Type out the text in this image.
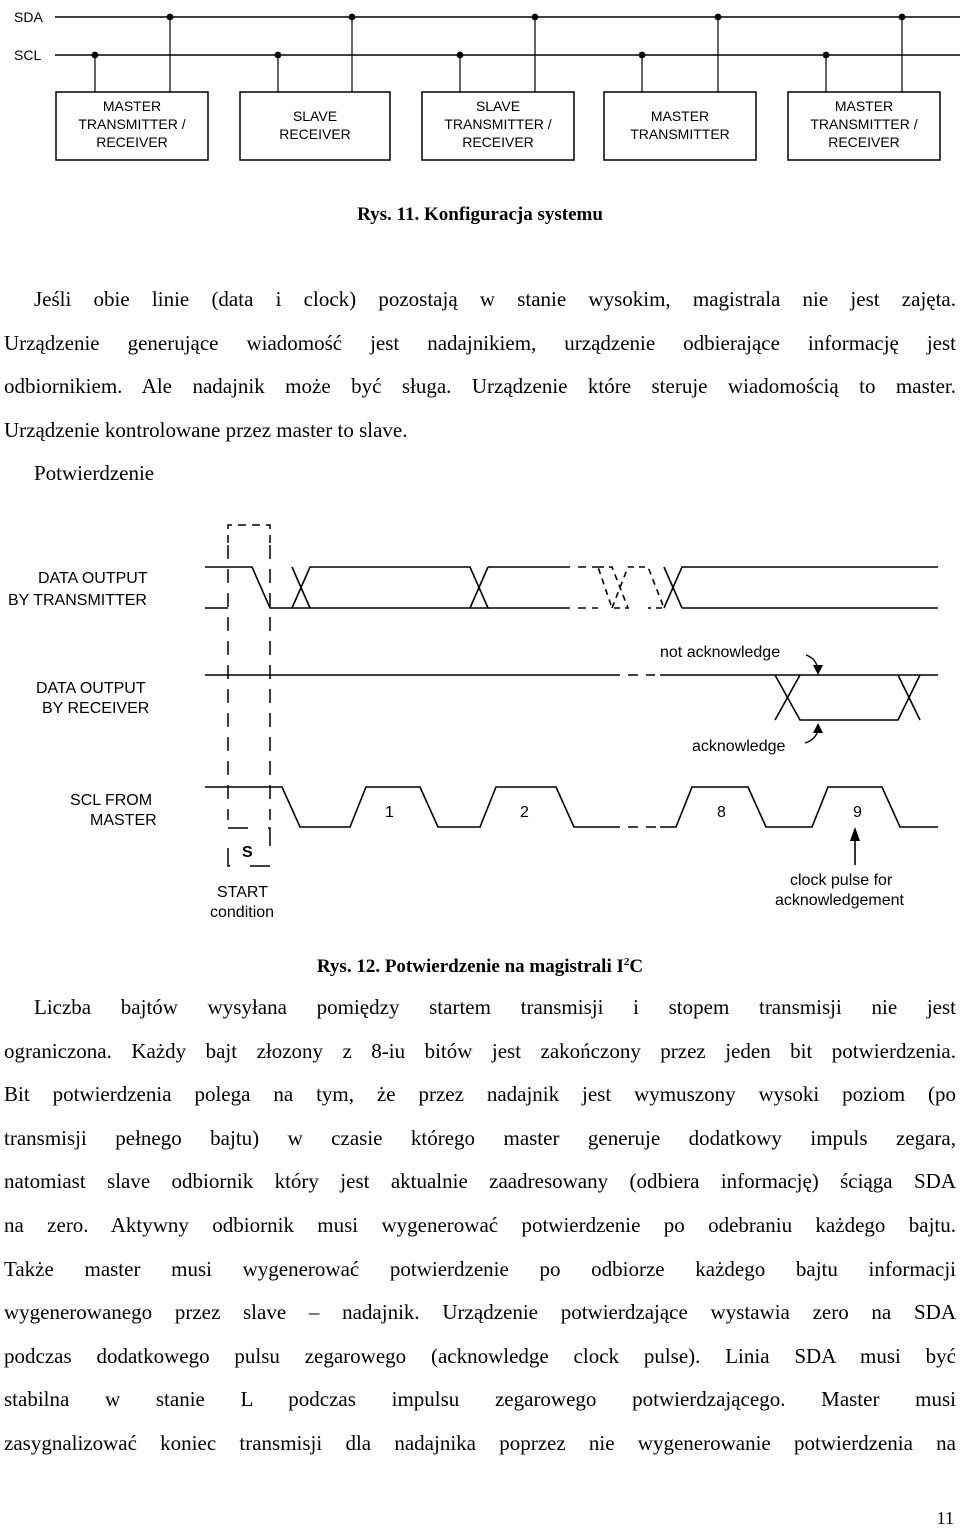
SDA
SCL
MASTER
TRANSMITTER /
RECEIVER
SLAVE
RECEIVER
SLAVE
TRANSMITTER /
RECEIVER
MASTER
TRANSMITTER
MASTER
TRANSMITTER /
RECEIVER
Rys. 11. Konfiguracja systemu

Jeśli obie linie (data i clock) pozostają w stanie wysokim, magistrala nie jest zajęta.

Urządzenie generujące wiadomość jest nadajnikiem, urządzenie odbierające informację jest

odbiornikiem. Ale nadajnik może być sługa. Urządzenie które steruje wiadomością to master.

Urządzenie kontrolowane przez master to slave.

Potwierdzenie

DATA OUTPUT
BY TRANSMITTER
DATA OUTPUT
BY RECEIVER
SCL FROM
MASTER
not acknowledge
acknowledge
1	2	8	9
S
START
condition
clock pulse for
acknowledgement
Rys. 12. Potwierdzenie na magistrali $I^2C$

Liczba bajtów wysyłana pomiędzy startem transmisji i stopem transmisji nie jest

ograniczona. Każdy bajt złozony z 8-iu bitów jest zakończony przez jeden bit potwierdzenia.

Bit potwierdzenia polega na tym, że przez nadajnik jest wymuszony wysoki poziom (po

transmisji pełnego bajtu) w czasie którego master generuje dodatkowy impuls zegara,

natomiast slave odbiornik który jest aktualnie zaadresowany (odbiera informację) ściąga SDA

na zero. Aktywny odbiornik musi wygenerować potwierdzenie po odebraniu każdego bajtu.

Także master musi wygenerować potwierdzenie po odbiorze każdego bajtu informacji

wygenerowanego przez slave – nadajnik. Urządzenie potwierdzające wystawia zero na SDA

podczas dodatkowego pulsu zegarowego (acknowledge clock pulse). Linia SDA musi być

stabilna w stanie L podczas impulsu zegarowego potwierdzającego. Master musi

zasygnalizować koniec transmisji dla nadajnika poprzez nie wygenerowanie potwierdzenia na

11
